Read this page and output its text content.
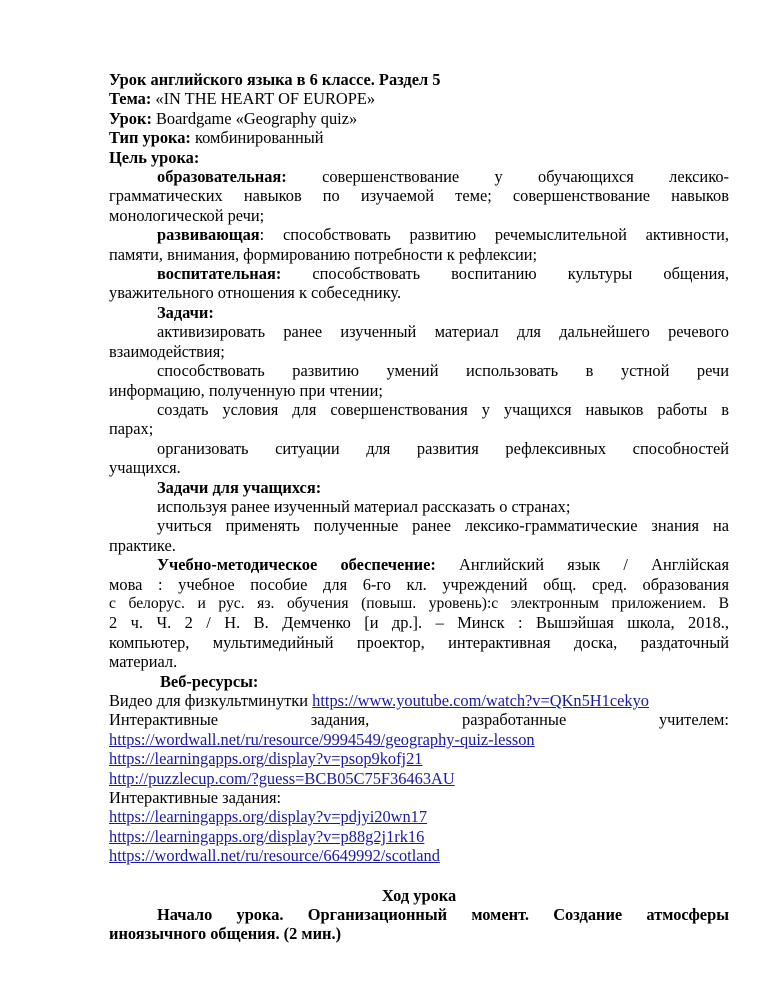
Урок английского языка в 6 классе. Раздел 5
Тема: «IN THE HEART OF EUROPE»
Урок: Boardgame «Geography quiz»
Тип урока: комбинированный
Цель урока:
образовательная: совершенствование у обучающихся лексико-
грамматических навыков по изучаемой теме; совершенствование навыков
монологической речи;
развивающая: способствовать развитию речемыслительной активности,
памяти, внимания, формированию потребности к рефлексии;
воспитательная: способствовать воспитанию культуры общения,
уважительного отношения к собеседнику.
Задачи:
активизировать ранее изученный материал для дальнейшего речевого
взаимодействия;
способствовать развитию умений использовать в устной речи
информацию, полученную при чтении;
создать условия для совершенствования у учащихся навыков работы в
парах;
организовать ситуации для развития рефлексивных способностей
учащихся.
Задачи для учащихся:
используя ранее изученный материал рассказать о странах;
учиться применять полученные ранее лексико-грамматические знания на
практике.
Учебно-методическое обеспечение: Английский язык / Англійская
мова : учебное пособие для 6-го кл. учреждений общ. сред. образования
с белорус. и рус. яз. обучения (повыш. уровень):с электронным приложением. В
2 ч. Ч. 2 / Н. В. Демченко [и др.]. – Минск : Вышэйшая школа, 2018.,
компьютер, мультимедийный проектор, интерактивная доска, раздаточный
материал.
Веб-ресурсы:
Видео для физкультминутки https://www.youtube.com/watch?v=QKn5H1cekyo
Интерактивные задания, разработанные учителем:
https://wordwall.net/ru/resource/9994549/geography-quiz-lesson
https://learningapps.org/display?v=psop9kofj21
http://puzzlecup.com/?guess=BCB05C75F36463AU
Интерактивные задания:
https://learningapps.org/display?v=pdjyi20wn17
https://learningapps.org/display?v=p88g2j1rk16
https://wordwall.net/ru/resource/6649992/scotland
Ход урока
Начало урока. Организационный момент. Создание атмосферы
иноязычного общения. (2 мин.)
